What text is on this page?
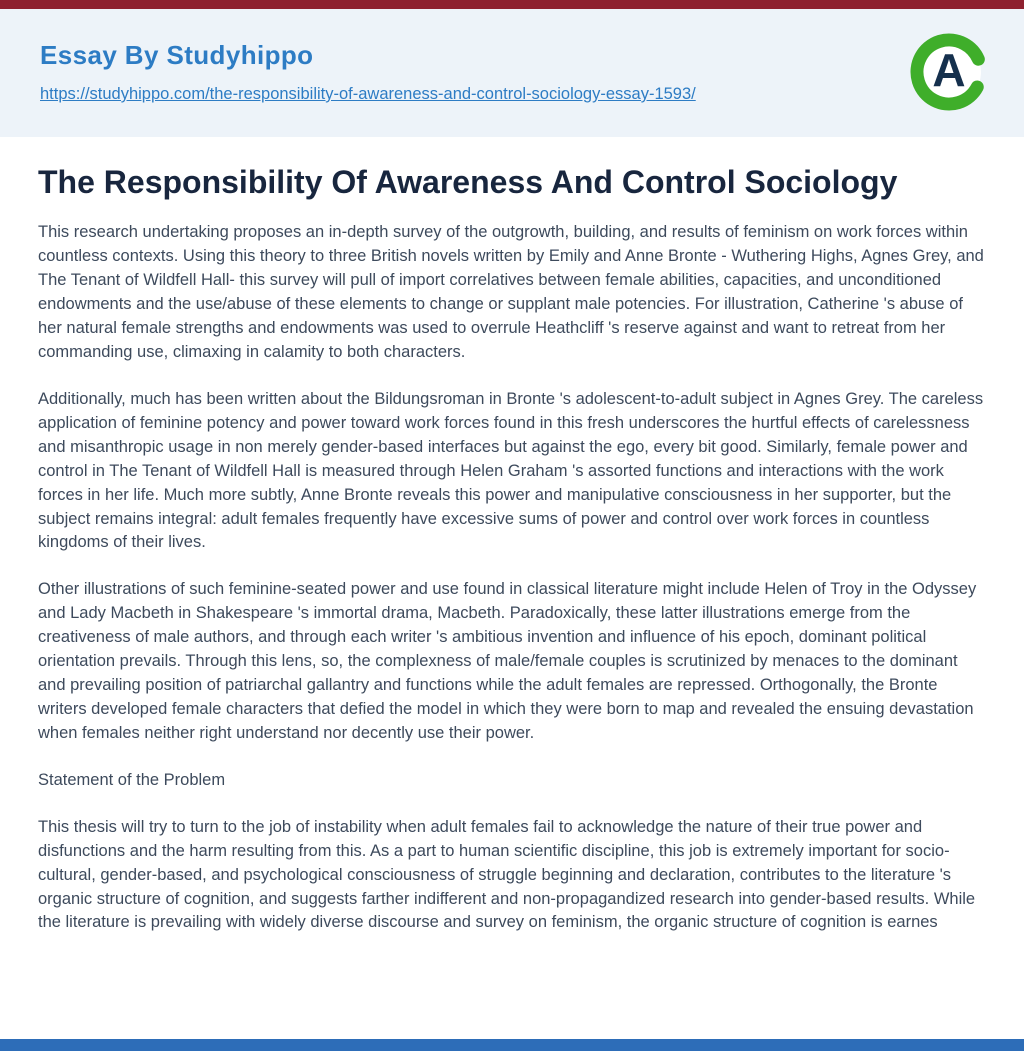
Essay By Studyhippo
https://studyhippo.com/the-responsibility-of-awareness-and-control-sociology-essay-1593/	A
The Responsibility Of Awareness And Control Sociology

This research undertaking proposes an in-depth survey of the outgrowth, building, and results of feminism on work forces within countless contexts. Using this theory to three British novels written by Emily and Anne Bronte - Wuthering Highs, Agnes Grey, and The Tenant of Wildfell Hall- this survey will pull of import correlatives between female abilities, capacities, and unconditioned endowments and the use/abuse of these elements to change or supplant male potencies. For illustration, Catherine 's abuse of her natural female strengths and endowments was used to overrule Heathcliff 's reserve against and want to retreat from her commanding use, climaxing in calamity to both characters.

Additionally, much has been written about the Bildungsroman in Bronte 's adolescent-to-adult subject in Agnes Grey. The careless application of feminine potency and power toward work forces found in this fresh underscores the hurtful effects of carelessness and misanthropic usage in non merely gender-based interfaces but against the ego, every bit good. Similarly, female power and control in The Tenant of Wildfell Hall is measured through Helen Graham 's assorted functions and interactions with the work forces in her life. Much more subtly, Anne Bronte reveals this power and manipulative consciousness in her supporter, but the subject remains integral: adult females frequently have excessive sums of power and control over work forces in countless kingdoms of their lives.

Other illustrations of such feminine-seated power and use found in classical literature might include Helen of Troy in the Odyssey and Lady Macbeth in Shakespeare 's immortal drama, Macbeth. Paradoxically, these latter illustrations emerge from the creativeness of male authors, and through each writer 's ambitious invention and influence of his epoch, dominant political orientation prevails. Through this lens, so, the complexness of male/female couples is scrutinized by menaces to the dominant and prevailing position of patriarchal gallantry and functions while the adult females are repressed. Orthogonally, the Bronte writers developed female characters that defied the model in which they were born to map and revealed the ensuing devastation when females neither right understand nor decently use their power.

Statement of the Problem

This thesis will try to turn to the job of instability when adult females fail to acknowledge the nature of their true power and disfunctions and the harm resulting from this. As a part to human scientific discipline, this job is extremely important for socio-cultural, gender-based, and psychological consciousness of struggle beginning and declaration, contributes to the literature 's organic structure of cognition, and suggests farther indifferent and non-propagandized research into gender-based results. While the literature is prevailing with widely diverse discourse and survey on feminism, the organic structure of cognition is earnes
